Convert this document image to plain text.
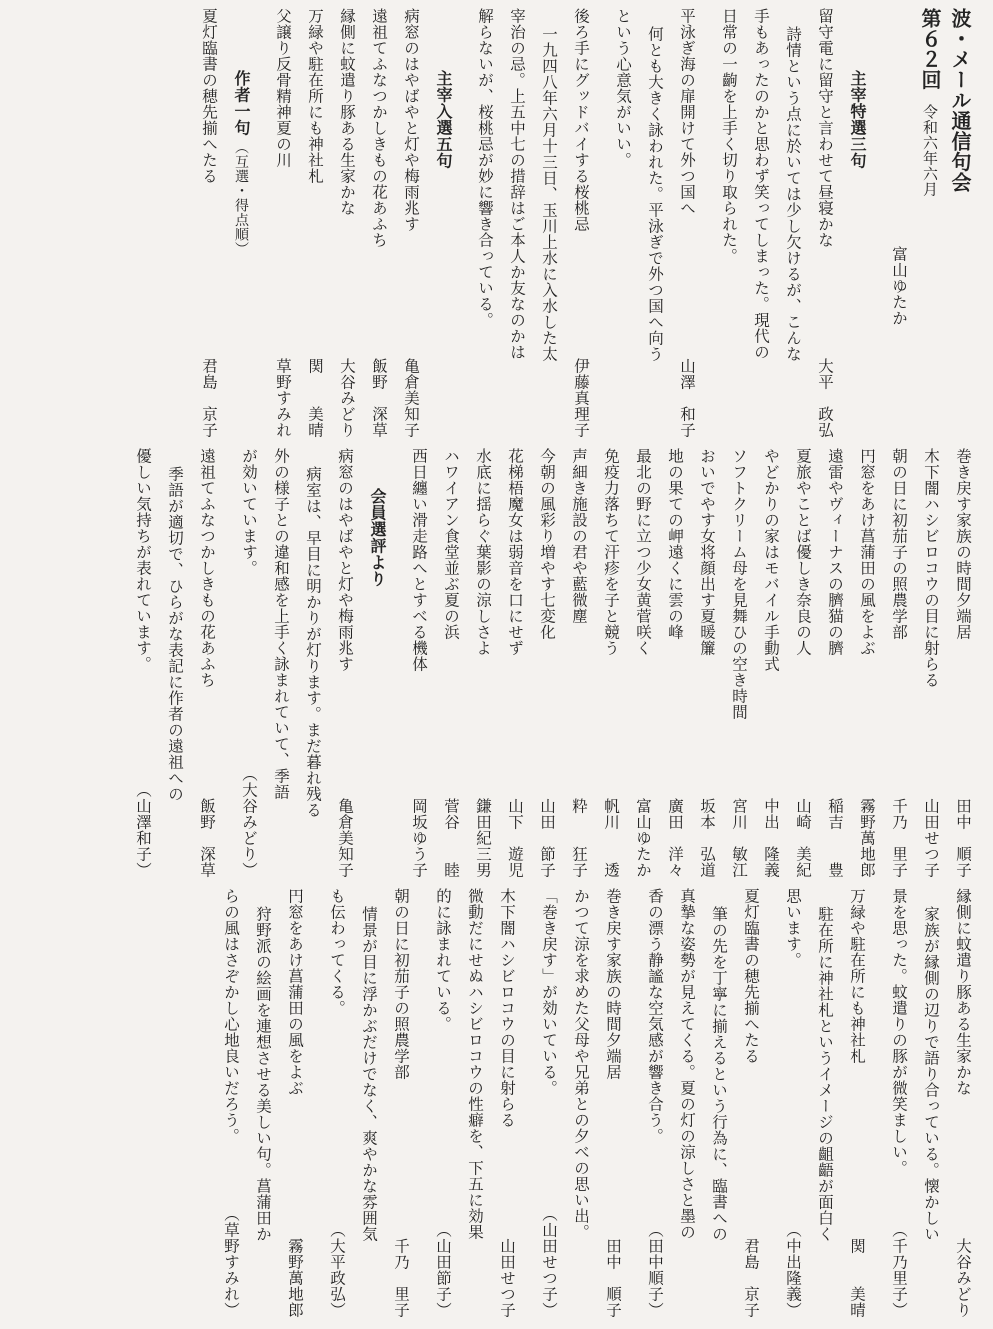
波・メール通信句会
第６２回
令和六年六月
富山ゆたか
主宰特選三句
留守電に留守と言わせて昼寝かな
大平　政弘
詩情という点に於いては少し欠けるが、こんな
手もあったのかと思わず笑ってしまった。現代の
日常の一齣を上手く切り取られた。
平泳ぎ海の扉開けて外つ国へ
山澤　和子
何とも大きく詠われた。平泳ぎで外つ国へ向う
という心意気がいい。
後ろ手にグッドバイする桜桃忌
伊藤真理子
一九四八年六月十三日、玉川上水に入水した太
宰治の忌。上五中七の措辞はご本人か友なのかは
解らないが、桜桃忌が妙に響き合っている。
主宰入選五句
病窓のはやばやと灯や梅雨兆す
亀倉美知子
遠祖てふなつかしきもの花あふち
飯野　深草
縁側に蚊遣り豚ある生家かな
大谷みどり
万緑や駐在所にも神社札
関　　美晴
父譲り反骨精神夏の川
草野すみれ
作者一句
（互選・得点順）
夏灯臨書の穂先揃へたる
君島　京子
巻き戻す家族の時間夕端居
田中　順子
木下闇ハシビロコウの目に射らる
山田せつ子
朝の日に初茄子の照農学部
千乃　里子
円窓をあけ菖蒲田の風をよぶ
霧野萬地郎
遠雷やヴィーナスの臍猫の臍
稲吉　　豊
夏旅やことば優しき奈良の人
山崎　美紀
やどかりの家はモバイル手動式
中出　隆義
ソフトクリーム母を見舞ひの空き時間
宮川　敏江
おいでやす女将顔出す夏暖簾
坂本　弘道
地の果ての岬遠くに雲の峰
廣田　洋々
最北の野に立つ少女黄菅咲く
富山ゆたか
免疫力落ちて汗疹を子と競う
帆川　　透
声細き施設の君や藍微塵
粋　　狂子
今朝の風彩り増やす七変化
山田　節子
花梯梧魔女は弱音を口にせず
山下　遊児
水底に揺らぐ葉影の涼しさよ
鎌田紀三男
ハワイアン食堂並ぶ夏の浜
菅谷　　睦
西日纏い滑走路へとすべる機体
岡坂ゆう子
会員選評より
病窓のはやばやと灯や梅雨兆す
亀倉美知子
病室は、早目に明かりが灯ります。まだ暮れ残る
外の様子との違和感を上手く詠まれていて、季語
が効いています。
（大谷みどり）
遠祖てふなつかしきもの花あふち
飯野　深草
季語が適切で、ひらがな表記に作者の遠祖への
優しい気持ちが表れています。
（山澤和子）
縁側に蚊遣り豚ある生家かな
大谷みどり
家族が縁側の辺りで語り合っている。懐かしい
景を思った。蚊遣りの豚が微笑ましい。
（千乃里子）
万緑や駐在所にも神社札
関　　美晴
駐在所に神社札というイメージの齟齬が面白く
思います。
（中出隆義）
夏灯臨書の穂先揃へたる
君島　京子
筆の先を丁寧に揃えるという行為に、臨書への
真摯な姿勢が見えてくる。夏の灯の涼しさと墨の
香の漂う静謐な空気感が響き合う。
（田中順子）
巻き戻す家族の時間夕端居
田中　順子
かつて涼を求めた父母や兄弟との夕べの思い出。
「巻き戻す」が効いている。
（山田せつ子）
木下闇ハシビロコウの目に射らる
山田せつ子
微動だにせぬハシビロコウの性癖を、下五に効果
的に詠まれている。
（山田節子）
朝の日に初茄子の照農学部
千乃　里子
情景が目に浮かぶだけでなく、爽やかな雰囲気
も伝わってくる。
（大平政弘）
円窓をあけ菖蒲田の風をよぶ
霧野萬地郎
狩野派の絵画を連想させる美しい句。菖蒲田か
らの風はさぞかし心地良いだろう。
（草野すみれ）
